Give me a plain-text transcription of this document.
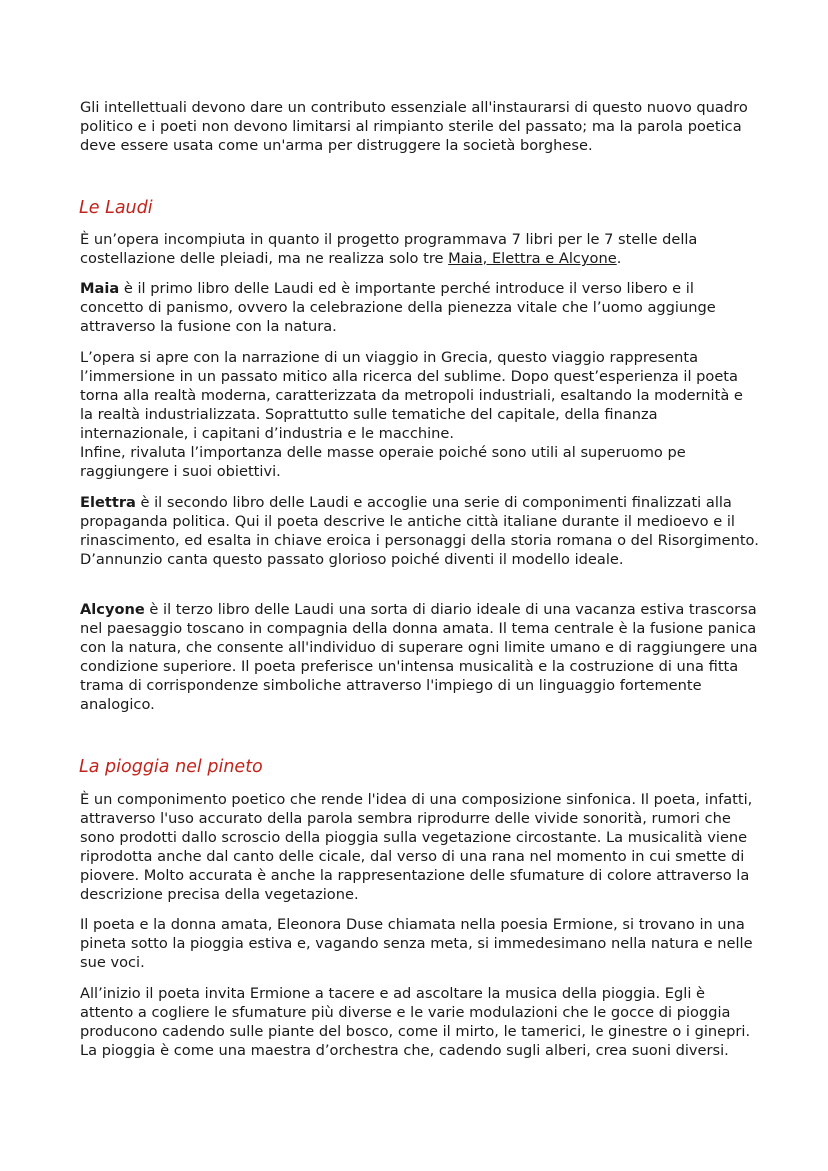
Gli intellettuali devono dare un contributo essenziale all'instaurarsi di questo nuovo quadro politico e i poeti non devono limitarsi al rimpianto sterile del passato; ma la parola poetica deve essere usata come un'arma per distruggere la società borghese.

Le Laudi

È un’opera incompiuta in quanto il progetto programmava 7 libri per le 7 stelle della costellazione delle pleiadi, ma ne realizza solo tre Maia, Elettra e Alcyone.

Maia è il primo libro delle Laudi ed è importante perché introduce il verso libero e il concetto di panismo, ovvero la celebrazione della pienezza vitale che l’uomo aggiunge attraverso la fusione con la natura.

L’opera si apre con la narrazione di un viaggio in Grecia, questo viaggio rappresenta l’immersione in un passato mitico alla ricerca del sublime. Dopo quest’esperienza il poeta torna alla realtà moderna, caratterizzata da metropoli industriali, esaltando la modernità e la realtà industrializzata. Soprattutto sulle tematiche del capitale, della finanza internazionale, i capitani d’industria e le macchine.

Infine, rivaluta l’importanza delle masse operaie poiché sono utili al superuomo pe raggiungere i suoi obiettivi.

Elettra è il secondo libro delle Laudi e accoglie una serie di componimenti finalizzati alla propaganda politica. Qui il poeta descrive le antiche città italiane durante il medioevo e il rinascimento, ed esalta in chiave eroica i personaggi della storia romana o del Risorgimento. D’annunzio canta questo passato glorioso poiché diventi il modello ideale.

Alcyone è il terzo libro delle Laudi una sorta di diario ideale di una vacanza estiva trascorsa nel paesaggio toscano in compagnia della donna amata. Il tema centrale è la fusione panica con la natura, che consente all'individuo di superare ogni limite umano e di raggiungere una condizione superiore. Il poeta preferisce un'intensa musicalità e la costruzione di una fitta trama di corrispondenze simboliche attraverso l'impiego di un linguaggio fortemente analogico.

La pioggia nel pineto

È un componimento poetico che rende l'idea di una composizione sinfonica. Il poeta, infatti, attraverso l'uso accurato della parola sembra riprodurre delle vivide sonorità, rumori che sono prodotti dallo scroscio della pioggia sulla vegetazione circostante. La musicalità viene riprodotta anche dal canto delle cicale, dal verso di una rana nel momento in cui smette di piovere. Molto accurata è anche la rappresentazione delle sfumature di colore attraverso la descrizione precisa della vegetazione.

Il poeta e la donna amata, Eleonora Duse chiamata nella poesia Ermione, si trovano in una pineta sotto la pioggia estiva e, vagando senza meta, si immedesimano nella natura e nelle sue voci.

All’inizio il poeta invita Ermione a tacere e ad ascoltare la musica della pioggia. Egli è attento a cogliere le sfumature più diverse e le varie modulazioni che le gocce di pioggia producono cadendo sulle piante del bosco, come il mirto, le tamerici, le ginestre o i ginepri. La pioggia è come una maestra d’orchestra che, cadendo sugli alberi, crea suoni diversi.
